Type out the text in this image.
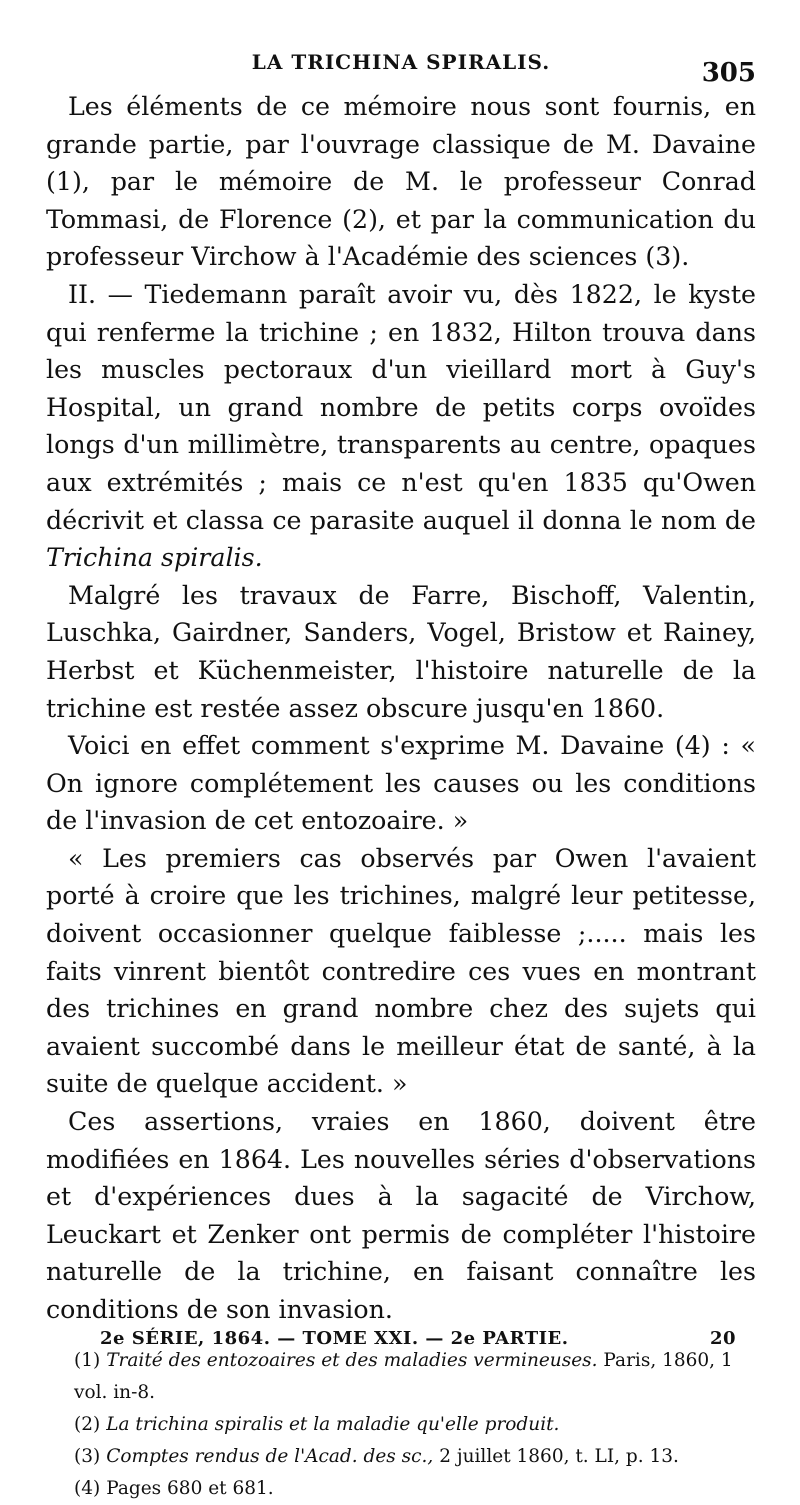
LA TRICHINA SPIRALIS.	305

Les éléments de ce mémoire nous sont fournis, en grande partie, par l'ouvrage classique de M. Davaine (1), par le mémoire de M. le professeur Conrad Tommasi, de Florence (2), et par la communication du professeur Virchow à l'Académie des sciences (3).

II. — Tiedemann paraît avoir vu, dès 1822, le kyste qui renferme la trichine ; en 1832, Hilton trouva dans les muscles pectoraux d'un vieillard mort à Guy's Hospital, un grand nombre de petits corps ovoïdes longs d'un millimètre, transparents au centre, opaques aux extrémités ; mais ce n'est qu'en 1835 qu'Owen décrivit et classa ce parasite auquel il donna le nom de Trichina spiralis.

Malgré les travaux de Farre, Bischoff, Valentin, Luschka, Gairdner, Sanders, Vogel, Bristow et Rainey, Herbst et Küchenmeister, l'histoire naturelle de la trichine est restée assez obscure jusqu'en 1860.

Voici en effet comment s'exprime M. Davaine (4) : « On ignore complétement les causes ou les conditions de l'invasion de cet entozoaire. »

« Les premiers cas observés par Owen l'avaient porté à croire que les trichines, malgré leur petitesse, doivent occasionner quelque faiblesse ;..... mais les faits vinrent bientôt contredire ces vues en montrant des trichines en grand nombre chez des sujets qui avaient succombé dans le meilleur état de santé, à la suite de quelque accident. »

Ces assertions, vraies en 1860, doivent être modifiées en 1864. Les nouvelles séries d'observations et d'expériences dues à la sagacité de Virchow, Leuckart et Zenker ont permis de compléter l'histoire naturelle de la trichine, en faisant connaître les conditions de son invasion.

(1) Traité des entozoaires et des maladies vermineuses. Paris, 1860, 1 vol. in-8.
(2) La trichina spiralis et la maladie qu'elle produit.
(3) Comptes rendus de l'Acad. des sc., 2 juillet 1860, t. LI, p. 13.
(4) Pages 680 et 681.
2e SÉRIE, 1864. — TOME XXI. — 2e PARTIE.	20
